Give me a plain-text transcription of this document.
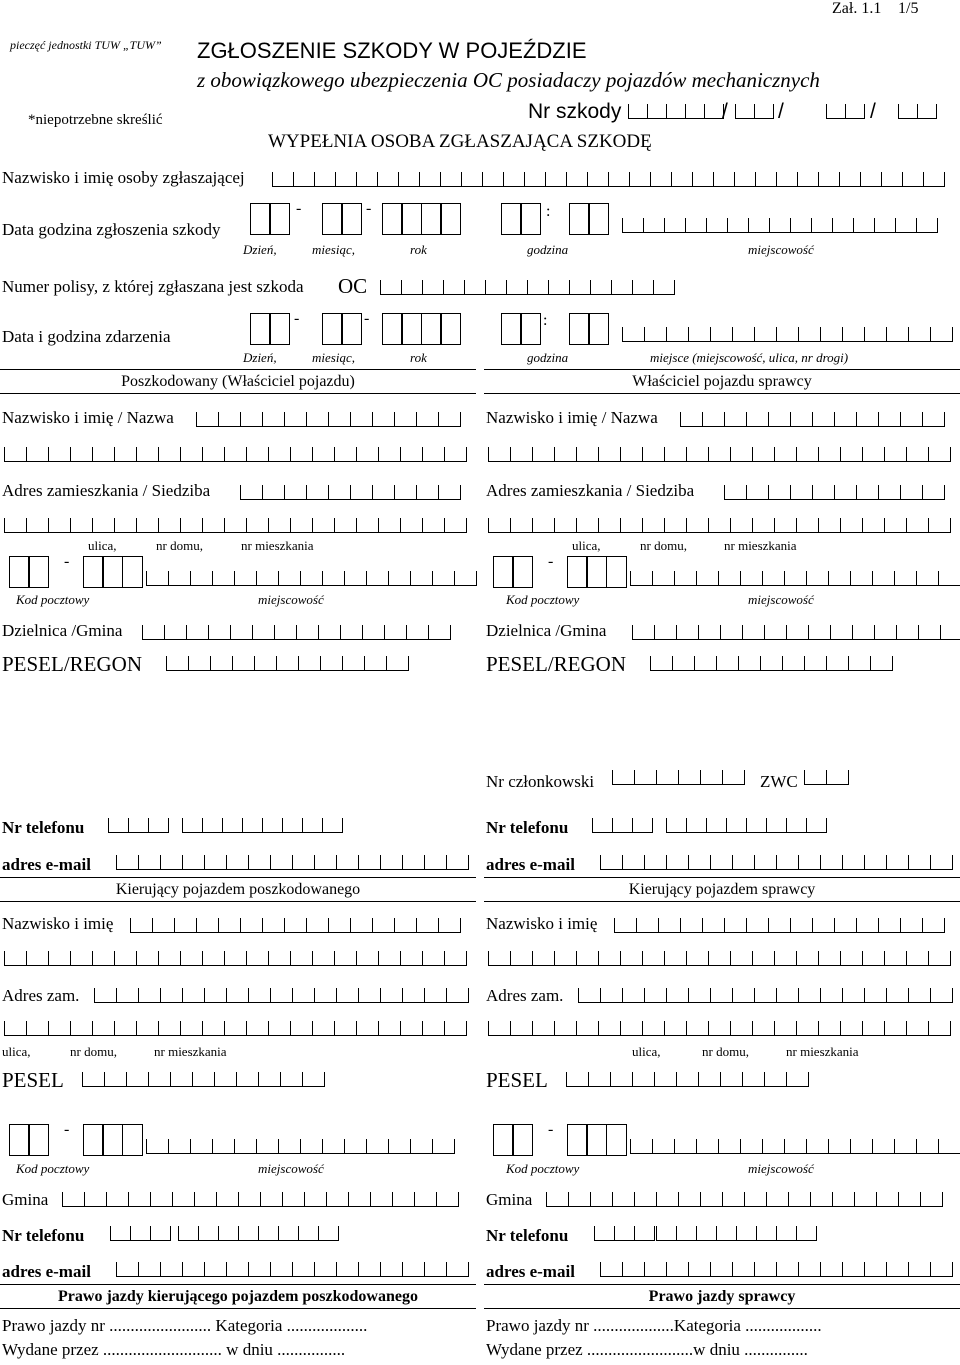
Zał. 1.1 1/5
pieczęć jednostki TUW „TUW” ZGŁOSZENIE SZKODY W POJEŹDZIE
z obowiązkowego ubezpieczenia OC posiadaczy pojazdów mechanicznych
*niepotrzebne skreślić	Nr szkody	/ /	/
WYPEŁNIA OSOBA ZGŁASZAJĄCA SZKODĘ
Nazwisko i imię osoby zgłaszającej
Data godzina zgłoszenia szkody
-	-	:
Dzień,	miesiąc,	rok	godzina	miejscowość
Numer polisy, z której zgłaszana jest szkoda OC
Data i godzina zdarzenia
-	-	:
Dzień,	miesiąc,	rok	godzina	miejsce (miejscowość, ulica, nr drogi)
Poszkodowany (Właściciel pojazdu)
Nazwisko i imię / Nazwa
Adres zamieszkania / Siedziba
ulica,	nr domu,	nr mieszkania
-
Kod pocztowy	miejscowość
Dzielnica /Gmina
PESEL/REGON
Nr telefonu
adres e-mail
Kierujący pojazdem poszkodowanego
Nazwisko i imię
Adres zam.
ulica,	nr domu,	nr mieszkania
PESEL
-
Kod pocztowy	miejscowość
Gmina
Nr telefonu
adres e-mail
Prawo jazdy kierującego pojazdem poszkodowanego
Prawo jazdy nr ........................ Kategoria ...................
Wydane przez ............................ w dniu ................
Właściciel pojazdu sprawcy
Nazwisko i imię / Nazwa
Adres zamieszkania / Siedziba
ulica,	nr domu,	nr mieszkania
-
Kod pocztowy	miejscowość
Dzielnica /Gmina
PESEL/REGON
Nr członkowski	ZWC
Nr telefonu
adres e-mail
Kierujący pojazdem sprawcy
Nazwisko i imię
Adres zam.
ulica,	nr domu,	nr mieszkania
PESEL
-
Kod pocztowy	miejscowość
Gmina
Nr telefonu
adres e-mail
Prawo jazdy sprawcy
Prawo jazdy nr ...................Kategoria ..................
Wydane przez .........................w dniu ...............
